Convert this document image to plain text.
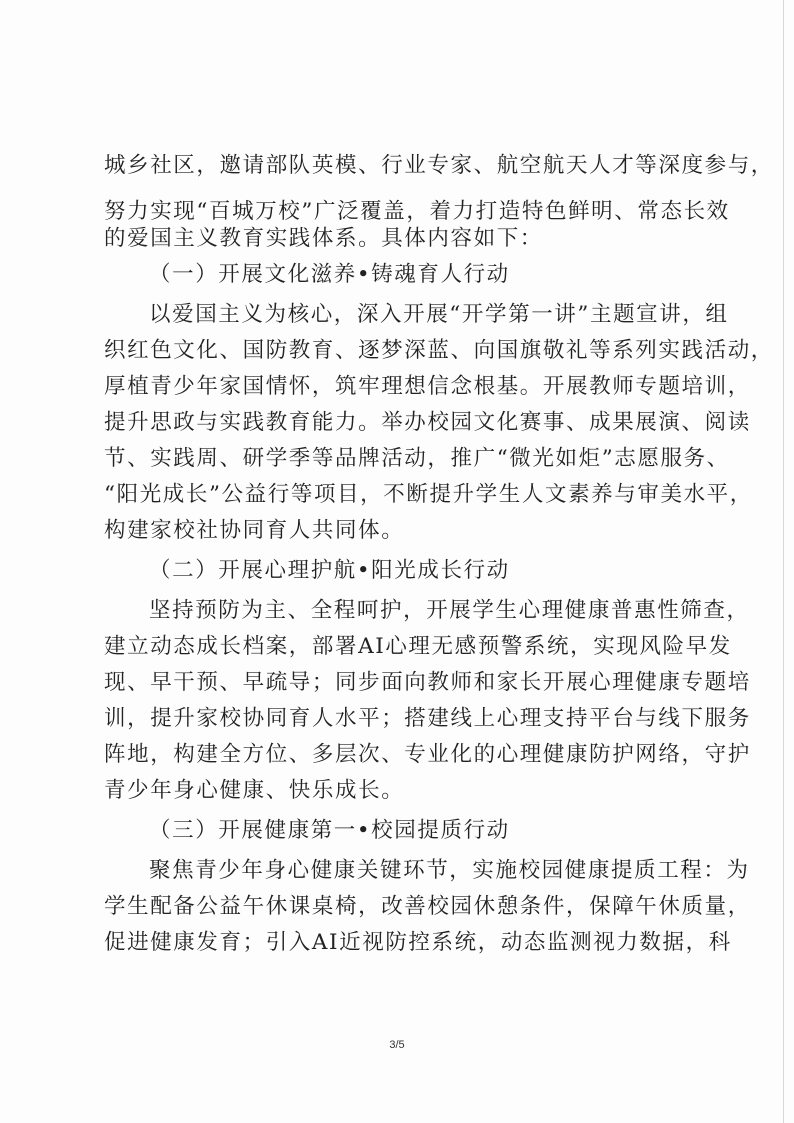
城乡社区，邀请部队英模、行业专家、航空航天人才等深度参与，
努力实现“百城万校”广泛覆盖，着力打造特色鲜明、常态长效
的爱国主义教育实践体系。具体内容如下：
（一）开展文化滋养•铸魂育人行动
以爱国主义为核心，深入开展“开学第一讲”主题宣讲，组
织红色文化、国防教育、逐梦深蓝、向国旗敬礼等系列实践活动，
厚植青少年家国情怀，筑牢理想信念根基。开展教师专题培训，
提升思政与实践教育能力。举办校园文化赛事、成果展演、阅读
节、实践周、研学季等品牌活动，推广“微光如炬”志愿服务、
“阳光成长”公益行等项目，不断提升学生人文素养与审美水平，
构建家校社协同育人共同体。
（二）开展心理护航•阳光成长行动
坚持预防为主、全程呵护，开展学生心理健康普惠性筛查，
建立动态成长档案，部署AI心理无感预警系统，实现风险早发
现、早干预、早疏导；同步面向教师和家长开展心理健康专题培
训，提升家校协同育人水平；搭建线上心理支持平台与线下服务
阵地，构建全方位、多层次、专业化的心理健康防护网络，守护
青少年身心健康、快乐成长。
（三）开展健康第一•校园提质行动
聚焦青少年身心健康关键环节，实施校园健康提质工程：为
学生配备公益午休课桌椅，改善校园休憩条件，保障午休质量，
促进健康发育；引入AI近视防控系统，动态监测视力数据，科
3/5
